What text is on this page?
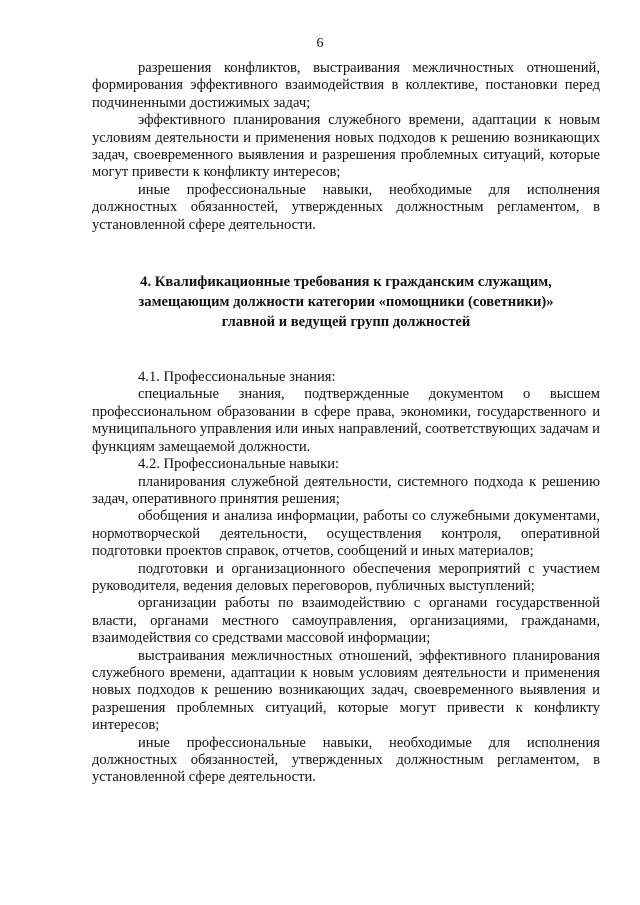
6

разрешения конфликтов, выстраивания межличностных отношений, формирования эффективного взаимодействия в коллективе, постановки перед подчиненными достижимых задач;

эффективного планирования служебного времени, адаптации к новым условиям деятельности и применения новых подходов к решению возникающих задач, своевременного выявления и разрешения проблемных ситуаций, которые могут привести к конфликту интересов;

иные профессиональные навыки, необходимые для исполнения должностных обязанностей, утвержденных должностным регламентом, в установленной сфере деятельности.

4. Квалификационные требования к гражданским служащим,
замещающим должности категории «помощники (советники)»
главной и ведущей групп должностей

4.1. Профессиональные знания:

специальные знания, подтвержденные документом о высшем профессиональном образовании в сфере права, экономики, государственного и муниципального управления или иных направлений, соответствующих задачам и функциям замещаемой должности.

4.2. Профессиональные навыки:

планирования служебной деятельности, системного подхода к решению задач, оперативного принятия решения;

обобщения и анализа информации, работы со служебными документами, нормотворческой деятельности, осуществления контроля, оперативной подготовки проектов справок, отчетов, сообщений и иных материалов;

подготовки и организационного обеспечения мероприятий с участием руководителя, ведения деловых переговоров, публичных выступлений;

организации работы по взаимодействию с органами государственной власти, органами местного самоуправления, организациями, гражданами, взаимодействия со средствами массовой информации;

выстраивания межличностных отношений, эффективного планирования служебного времени, адаптации к новым условиям деятельности и применения новых подходов к решению возникающих задач, своевременного выявления и разрешения проблемных ситуаций, которые могут привести к конфликту интересов;

иные профессиональные навыки, необходимые для исполнения должностных обязанностей, утвержденных должностным регламентом, в установленной сфере деятельности.
